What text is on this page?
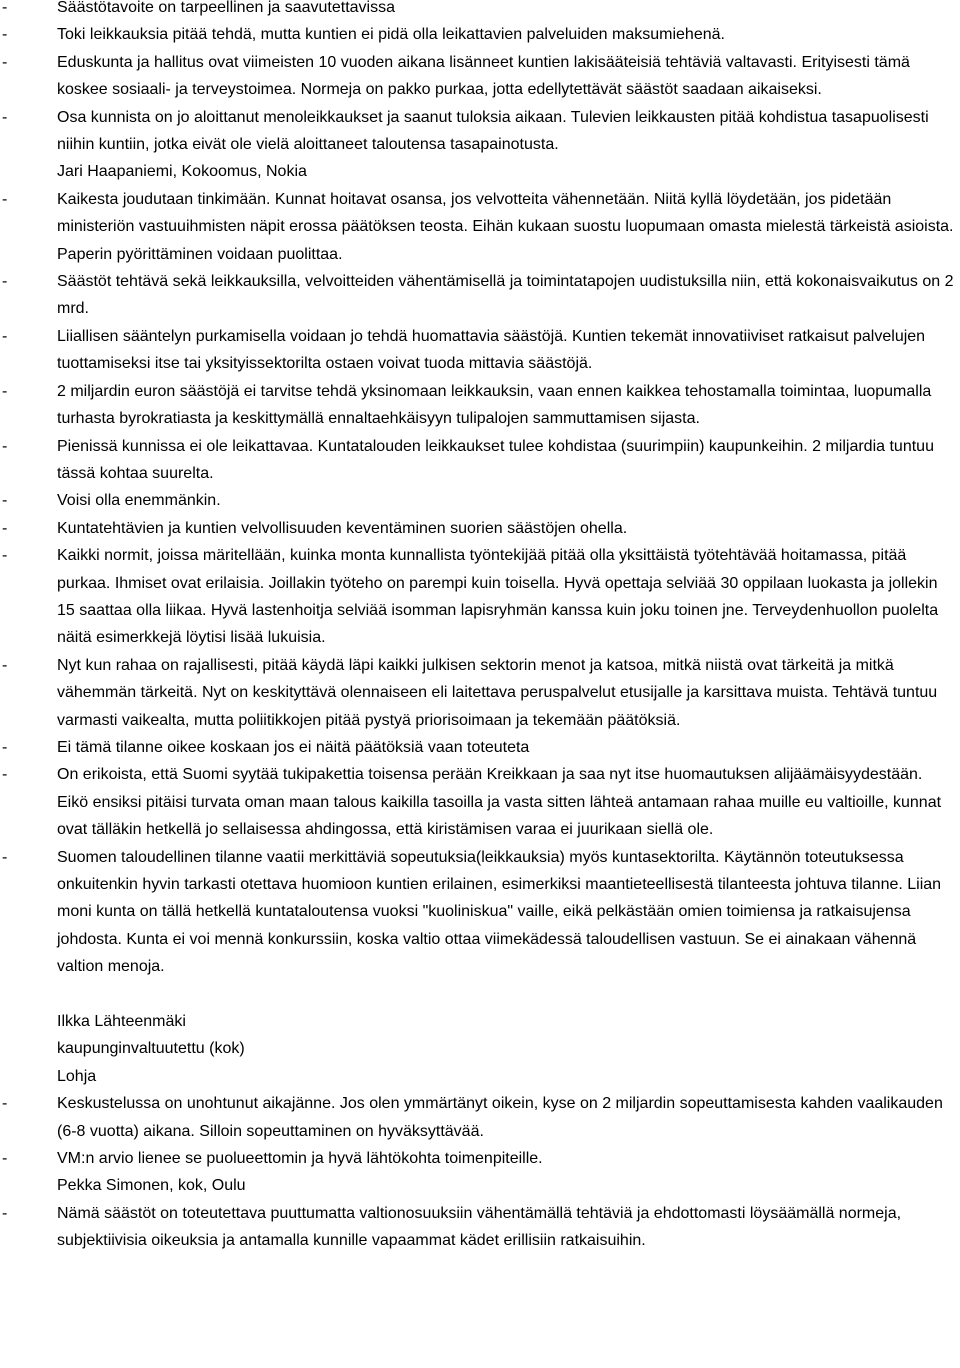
-	Säästötavoite on tarpeellinen ja saavutettavissa
-	Toki leikkauksia pitää tehdä, mutta kuntien ei pidä olla leikattavien palveluiden maksumiehenä.
-	Eduskunta ja hallitus ovat viimeisten 10 vuoden aikana lisänneet kuntien lakisääteisiä tehtäviä valtavasti. Erityisesti tämä koskee sosiaali- ja terveystoimea. Normeja on pakko purkaa, jotta edellytettävät säästöt saadaan aikaiseksi.
-	Osa kunnista on jo aloittanut menoleikkaukset ja saanut tuloksia aikaan. Tulevien leikkausten pitää kohdistua tasapuolisesti niihin kuntiin, jotka eivät ole vielä aloittaneet taloutensa tasapainotusta.
Jari Haapaniemi, Kokoomus, Nokia
-	Kaikesta joudutaan tinkimään. Kunnat hoitavat osansa, jos velvotteita vähennetään. Niitä kyllä löydetään, jos pidetään ministeriön vastuuihmisten näpit erossa päätöksen teosta. Eihän kukaan suostu luopumaan omasta mielestä tärkeistä asioista. Paperin pyörittäminen voidaan puolittaa.
-	Säästöt tehtävä sekä leikkauksilla, velvoitteiden vähentämisellä ja toimintatapojen uudistuksilla niin, että kokonaisvaikutus on 2 mrd.
-	Liiallisen sääntelyn purkamisella voidaan jo tehdä huomattavia säästöjä. Kuntien tekemät innovatiiviset ratkaisut palvelujen tuottamiseksi itse tai yksityissektorilta ostaen voivat tuoda mittavia säästöjä.
-	2 miljardin euron säästöjä ei tarvitse tehdä yksinomaan leikkauksin, vaan ennen kaikkea tehostamalla toimintaa, luopumalla turhasta byrokratiasta ja keskittymällä ennaltaehkäisyyn tulipalojen sammuttamisen sijasta.
-	Pienissä kunnissa ei ole leikattavaa. Kuntatalouden leikkaukset tulee kohdistaa (suurimpiin) kaupunkeihin. 2 miljardia tuntuu tässä kohtaa suurelta.
-	Voisi olla enemmänkin.
-	Kuntatehtävien ja kuntien velvollisuuden keventäminen suorien säästöjen ohella.
-	Kaikki normit, joissa märitellään, kuinka monta kunnallista työntekijää pitää olla yksittäistä työtehtävää hoitamassa, pitää purkaa. Ihmiset ovat erilaisia. Joillakin työteho on parempi kuin toisella. Hyvä opettaja selviää 30 oppilaan luokasta ja jollekin 15 saattaa olla liikaa. Hyvä lastenhoitja selviää isomman lapisryhmän kanssa kuin joku toinen jne. Terveydenhuollon puolelta näitä esimerkkejä löytisi lisää lukuisia.
-	Nyt kun rahaa on rajallisesti, pitää käydä läpi kaikki julkisen sektorin menot ja katsoa, mitkä niistä ovat tärkeitä ja mitkä vähemmän tärkeitä. Nyt on keskityttävä olennaiseen eli laitettava peruspalvelut etusijalle ja karsittava muista. Tehtävä tuntuu varmasti vaikealta, mutta poliitikkojen pitää pystyä priorisoimaan ja tekemään päätöksiä.
-	Ei tämä tilanne oikee koskaan jos ei näitä päätöksiä vaan toteuteta
-	On erikoista, että Suomi syytää tukipakettia toisensa perään Kreikkaan ja saa nyt itse huomautuksen alijäämäisyydestään. Eikö ensiksi pitäisi turvata oman maan talous kaikilla tasoilla ja vasta sitten lähteä antamaan rahaa muille eu valtioille, kunnat ovat tälläkin hetkellä jo sellaisessa ahdingossa, että kiristämisen varaa ei juurikaan siellä ole.
-	Suomen taloudellinen tilanne vaatii merkittäviä sopeutuksia(leikkauksia) myös kuntasektorilta. Käytännön toteutuksessa onkuitenkin hyvin tarkasti otettava huomioon kuntien erilainen, esimerkiksi maantieteellisestä tilanteesta johtuva tilanne. Liian moni kunta on tällä hetkellä kuntataloutensa vuoksi "kuoliniskua" vaille, eikä pelkästään omien toimiensa ja ratkaisujensa johdosta. Kunta ei voi mennä konkurssiin, koska valtio ottaa viimekädessä taloudellisen vastuun. Se ei ainakaan vähennä valtion menoja.
Ilkka Lähteenmäki
kaupunginvaltuutettu (kok)
Lohja
-	Keskustelussa on unohtunut aikajänne. Jos olen ymmärtänyt oikein, kyse on 2 miljardin sopeuttamisesta kahden vaalikauden (6-8 vuotta) aikana. Silloin sopeuttaminen on hyväksyttävää.
-	VM:n arvio lienee se puolueettomin ja hyvä lähtökohta toimenpiteille.
Pekka Simonen, kok, Oulu
-	Nämä säästöt on toteutettava puuttumatta valtionosuuksiin vähentämällä tehtäviä ja ehdottomasti löysäämällä normeja, subjektiivisia oikeuksia ja antamalla kunnille vapaammat kädet erillisiin ratkaisuihin.
